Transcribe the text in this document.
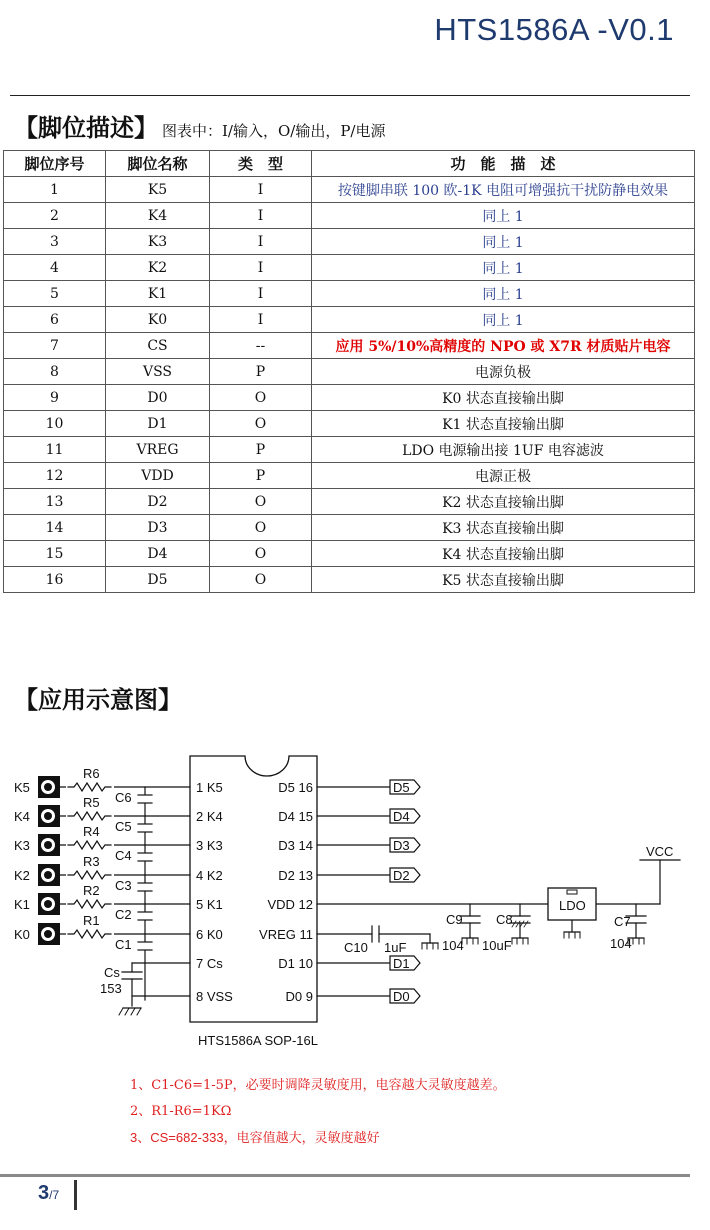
HTS1586A -V0.1
【脚位描述】 图表中：I/输入，O/输出，P/电源
脚位序号	脚位名称	类　型	功　能　描　述
1	K5	I	按键脚串联 100 欧-1K 电阻可增强抗干扰防静电效果
2	K4	I	同上 1
3	K3	I	同上 1
4	K2	I	同上 1
5	K1	I	同上 1
6	K0	I	同上 1
7	CS	--	应用 5%/10%高精度的 NPO 或 X7R 材质贴片电容
8	VSS	P	电源负极
9	D0	O	K0 状态直接输出脚
10	D1	O	K1 状态直接输出脚
11	VREG	P	LDO 电源输出接 1UF 电容滤波
12	VDD	P	电源正极
13	D2	O	K2 状态直接输出脚
14	D3	O	K3 状态直接输出脚
15	D4	O	K4 状态直接输出脚
16	D5	O	K5 状态直接输出脚
【应用示意图】
K5
K4
K3
K2
K1
K0
R6
R5
R4
R3
R2
R1
C6
C5
C4
C3
C2
C1
Cs
153
1 K5
2 K4
3 K3
4 K2
5 K1
6 K0
7 Cs
8 VSS
D5 16
D4 15
D3 14
D2 13
VDD 12
VREG 11
D1 10
D0 9
HTS1586A SOP-16L
D5
D4
D3
D2
D1
D0
LDO
VCC
C9
104
C8
10uF
C7
104
C10 1uF
1、C1-C6=1-5P，必要时调降灵敏度用，电容越大灵敏度越差。
2、R1-R6=1KΩ
3、CS=682-333，电容值越大，灵敏度越好
3/7
